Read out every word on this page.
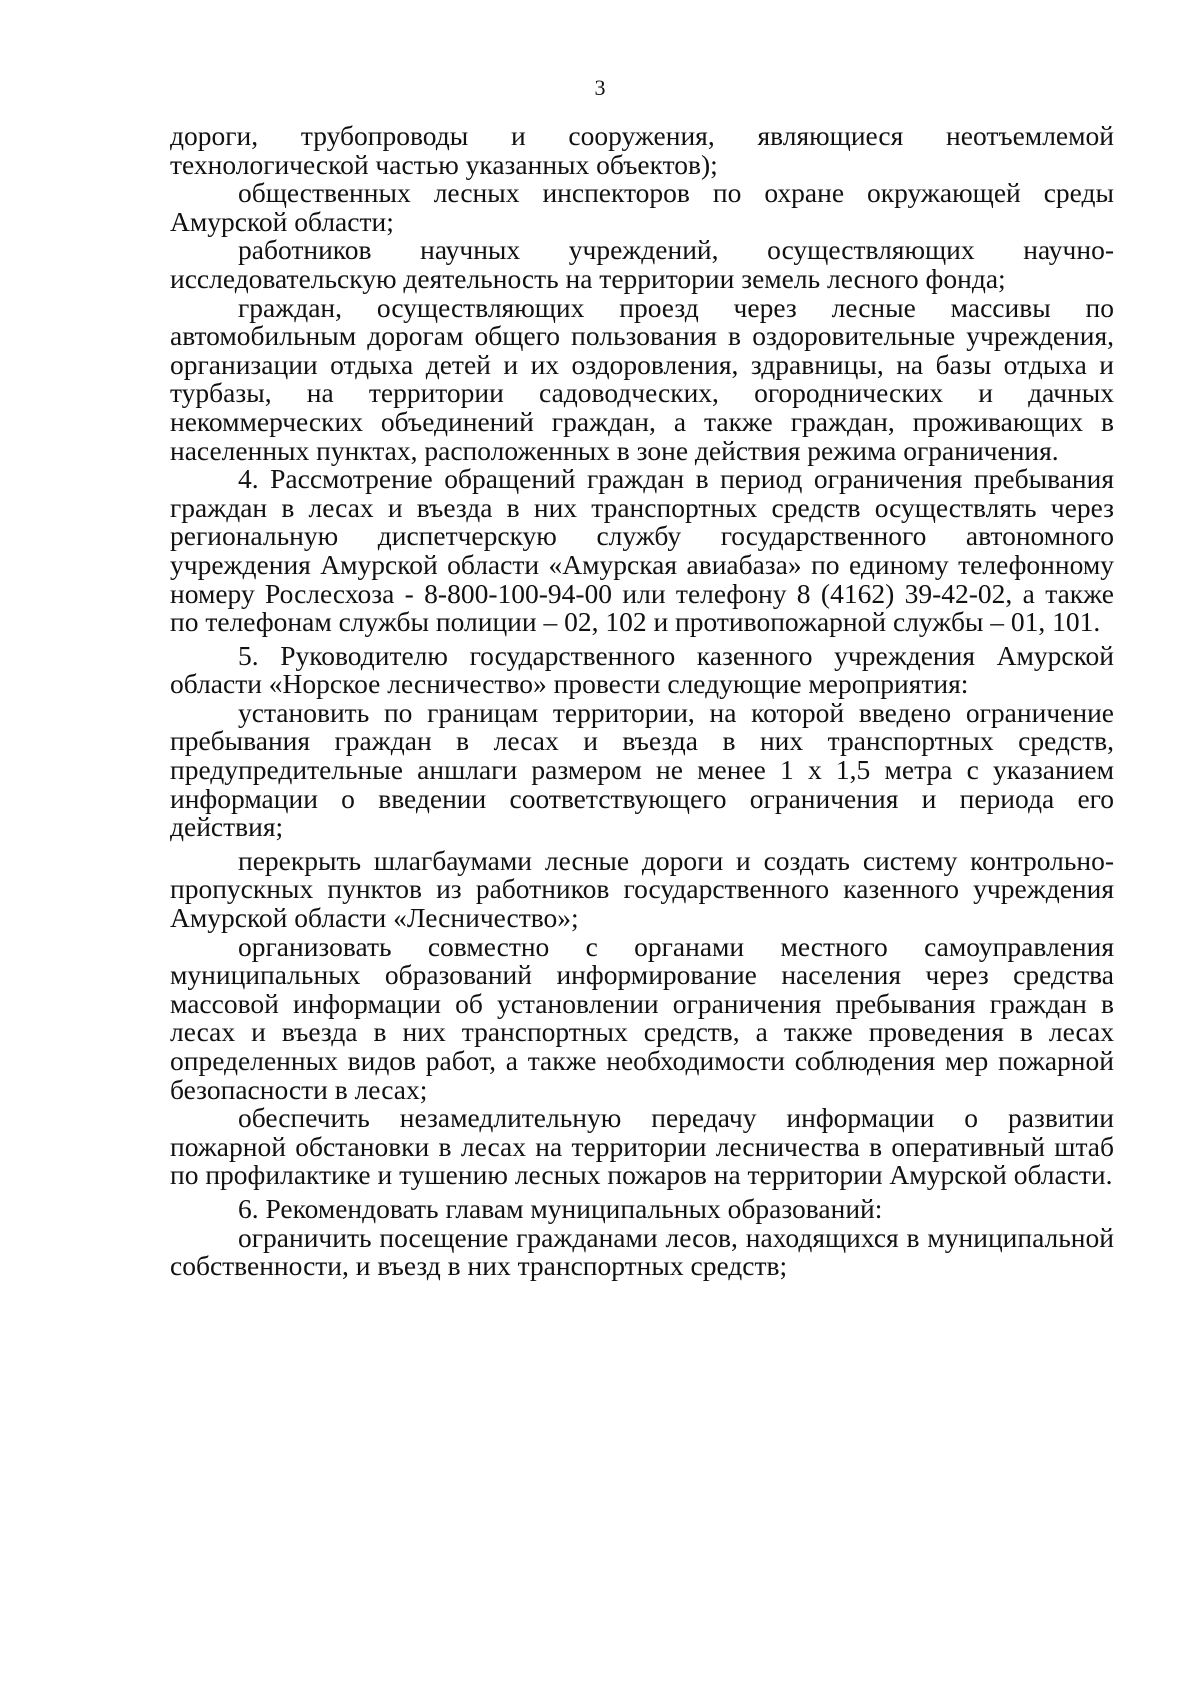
3

дороги, трубопроводы и сооружения, являющиеся неотъемлемой технологической частью указанных объектов);

общественных лесных инспекторов по охране окружающей среды Амурской области;

работников научных учреждений, осуществляющих научно-исследовательскую деятельность на территории земель лесного фонда;

граждан, осуществляющих проезд через лесные массивы по автомобильным дорогам общего пользования в оздоровительные учреждения, организации отдыха детей и их оздоровления, здравницы, на базы отдыха и турбазы, на территории садоводческих, огороднических и дачных некоммерческих объединений граждан, а также граждан, проживающих в населенных пунктах, расположенных в зоне действия режима ограничения.

4. Рассмотрение обращений граждан в период ограничения пребывания граждан в лесах и въезда в них транспортных средств осуществлять через региональную диспетчерскую службу государственного автономного учреждения Амурской области «Амурская авиабаза» по единому телефонному номеру Рослесхоза - 8-800-100-94-00 или телефону 8 (4162) 39-42-02, а также по телефонам службы полиции – 02, 102 и противопожарной службы – 01, 101.

5. Руководителю государственного казенного учреждения Амурской области «Норское лесничество» провести следующие мероприятия:

установить по границам территории, на которой введено ограничение пребывания граждан в лесах и въезда в них транспортных средств, предупредительные аншлаги размером не менее 1 х 1,5 метра с указанием информации о введении соответствующего ограничения и периода его действия;

перекрыть шлагбаумами лесные дороги и создать систему контрольно-пропускных пунктов из работников государственного казенного учреждения Амурской области «Лесничество»;

организовать совместно с органами местного самоуправления муниципальных образований информирование населения через средства массовой информации об установлении ограничения пребывания граждан в лесах и въезда в них транспортных средств, а также проведения в лесах определенных видов работ, а также необходимости соблюдения мер пожарной безопасности в лесах;

обеспечить незамедлительную передачу информации о развитии пожарной обстановки в лесах на территории лесничества в оперативный штаб по профилактике и тушению лесных пожаров на территории Амурской области.

6. Рекомендовать главам муниципальных образований:

ограничить посещение гражданами лесов, находящихся в муниципальной собственности, и въезд в них транспортных средств;
